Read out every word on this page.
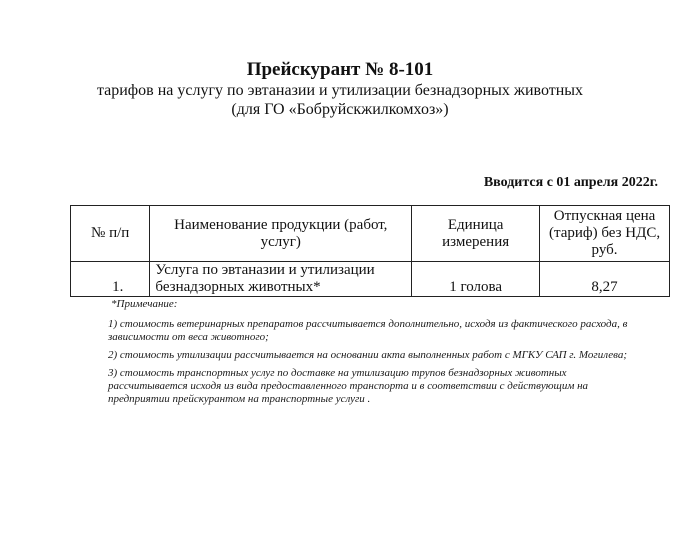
Прейскурант № 8-101
тарифов на услугу по эвтаназии и утилизации безнадзорных животных
(для ГО «Бобруйскжилкомхоз»)
Вводится с 01 апреля 2022г.
№ п/п	Наименование продукции (работ, услуг)	Единица измерения	Отпускная цена (тариф) без НДС, руб.
1.	Услуга по эвтаназии и утилизации безнадзорных животных*	1 голова	8,27

*Примечание:

1) стоимость ветеринарных препаратов рассчитывается дополнительно, исходя из фактического расхода, в зависимости от веса животного;

2) стоимость утилизации рассчитывается на основании акта выполненных работ с МГКУ САП г. Могилева;

3) стоимость транспортных услуг по доставке на утилизацию трупов безнадзорных животных рассчитывается исходя из вида предоставленного транспорта и в соответствии с действующим на предприятии прейскурантом на транспортные услуги .
